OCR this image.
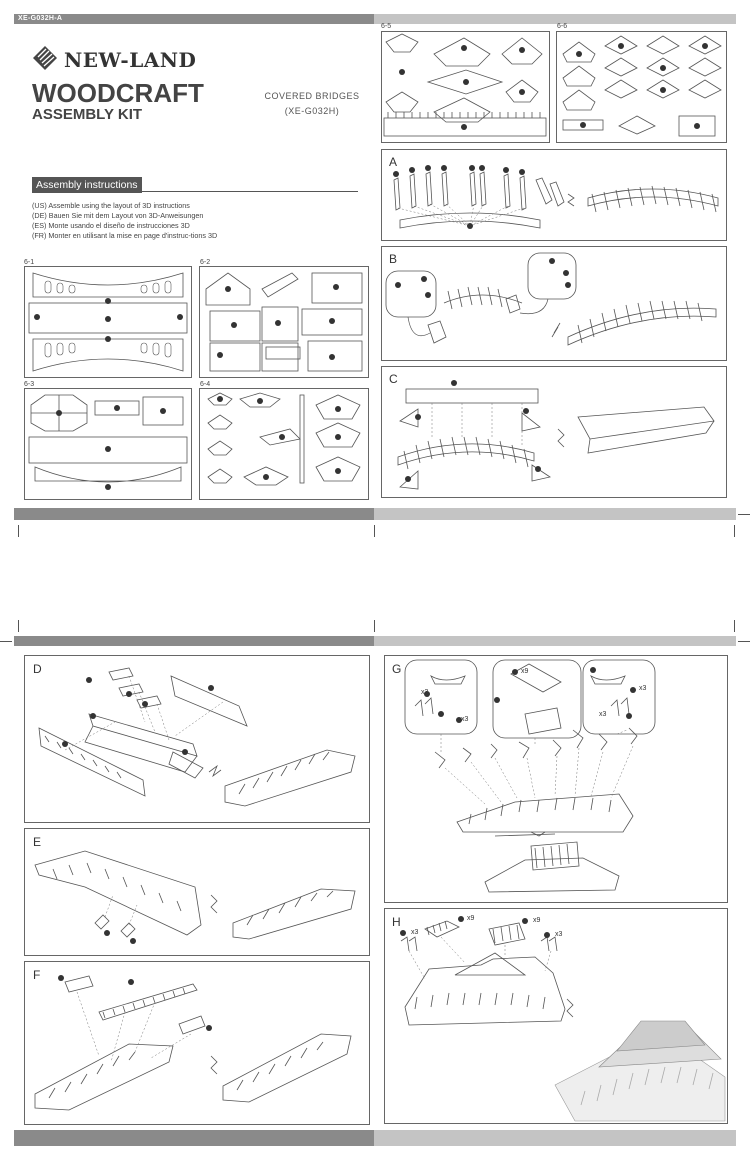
XE-G032H-A
NEW-LAND
WOODCRAFT
ASSEMBLY KIT
COVERED BRIDGES
(XE-G032H)
Assembly instructions
(US) Assemble using the layout of 3D instructions
(DE) Bauen Sie mit dem Layout von 3D-Anweisungen
(ES) Monte usando el diseño de instrucciones 3D
(FR) Monter en utilisant la mise en page d'instruc-tions 3D
6-1	6-2
6-3	6-4
6-5	6-6
A
B
C
D
E
F
G
x3
x3
x9
x3
x3
H
x3
x9	x9
x3
